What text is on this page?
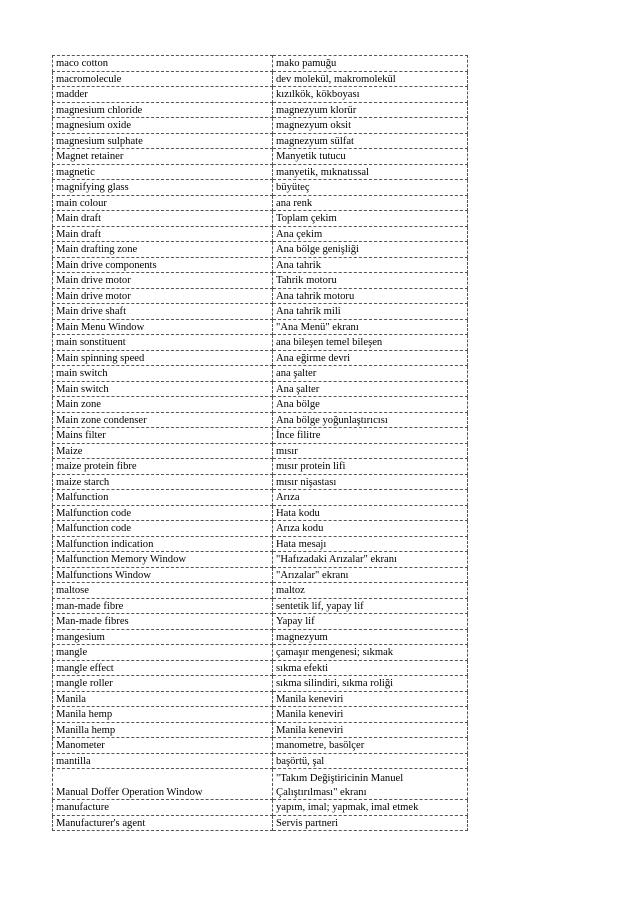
maco cotton	mako pamuğu
macromolecule	dev molekül, makromolekül
madder	kızılkök, kökboyası
magnesium chloride	magnezyum klorür
magnesium oxide	magnezyum oksit
magnesium sulphate	magnezyum sülfat
Magnet retainer	Manyetik tutucu
magnetic	manyetik, mıknatıssal
magnifying glass	büyüteç
main colour	ana renk
Main draft	Toplam çekim
Main draft	Ana çekim
Main drafting zone	Ana bölge genişliği
Main drive components	Ana tahrik
Main drive motor	Tahrik motoru
Main drive motor	Ana tahrik motoru
Main drive shaft	Ana tahrik mili
Main Menu Window	"Ana Menü" ekranı
main sonstituent	ana bileşen temel bileşen
Main spinning speed	Ana eğirme devri
main switch	ana şalter
Main switch	Ana şalter
Main zone	Ana bölge
Main zone condenser	Ana bölge yoğunlaştırıcısı
Mains filter	İnce filitre
Maize	mısır
maize protein fibre	mısır protein lifi
maize starch	mısır nişastası
Malfunction	Arıza
Malfunction code	Hata kodu
Malfunction code	Arıza kodu
Malfunction indication	Hata mesajı
Malfunction Memory Window	"Hafızadaki Arızalar" ekranı
Malfunctions Window	"Arızalar" ekranı
maltose	maltoz
man-made fibre	sentetik lif, yapay lif
Man-made fibres	Yapay lif
mangesium	magnezyum
mangle	çamaşır mengenesi; sıkmak
mangle effect	sıkma efekti
mangle roller	sıkma silindiri, sıkma roliği
Manila	Manila keneviri
Manila hemp	Manila keneviri
Manilla hemp	Manila keneviri
Manometer	manometre, basölçer
mantilla	başörtü, şal
Manual Doffer Operation Window	"Takım Değiştiricinin Manuel Çalıştırılması" ekranı
manufacture	yapım, imal; yapmak, imal etmek
Manufacturer's agent	Servis partneri
